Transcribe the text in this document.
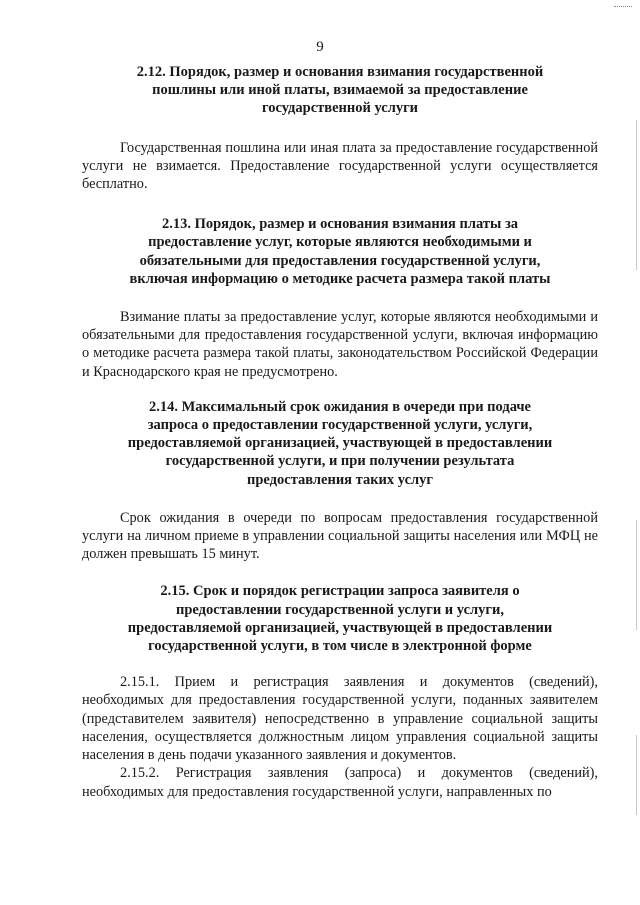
9

2.12. Порядок, размер и основания взимания государственной пошлины или иной платы, взимаемой за предоставление государственной услуги

Государственная пошлина или иная плата за предоставление государственной услуги не взимается. Предоставление государственной услуги осуществляется бесплатно.

2.13. Порядок, размер и основания взимания платы за предоставление услуг, которые являются необходимыми и обязательными для предоставления государственной услуги, включая информацию о методике расчета размера такой платы

Взимание платы за предоставление услуг, которые являются необходимыми и обязательными для предоставления государственной услуги, включая информацию о методике расчета размера такой платы, законодательством Российской Федерации и Краснодарского края не предусмотрено.

2.14. Максимальный срок ожидания в очереди при подаче запроса о предоставлении государственной услуги, услуги, предоставляемой организацией, участвующей в предоставлении государственной услуги, и при получении результата предоставления таких услуг

Срок ожидания в очереди по вопросам предоставления государственной услуги на личном приеме в управлении социальной защиты населения или МФЦ не должен превышать 15 минут.

2.15. Срок и порядок регистрации запроса заявителя о предоставлении государственной услуги и услуги, предоставляемой организацией, участвующей в предоставлении государственной услуги, в том числе в электронной форме

2.15.1. Прием и регистрация заявления и документов (сведений), необходимых для предоставления государственной услуги, поданных заявителем (представителем заявителя) непосредственно в управление социальной защиты населения, осуществляется должностным лицом управления социальной защиты населения в день подачи указанного заявления и документов.

2.15.2. Регистрация заявления (запроса) и документов (сведений), необходимых для предоставления государственной услуги, направленных по
